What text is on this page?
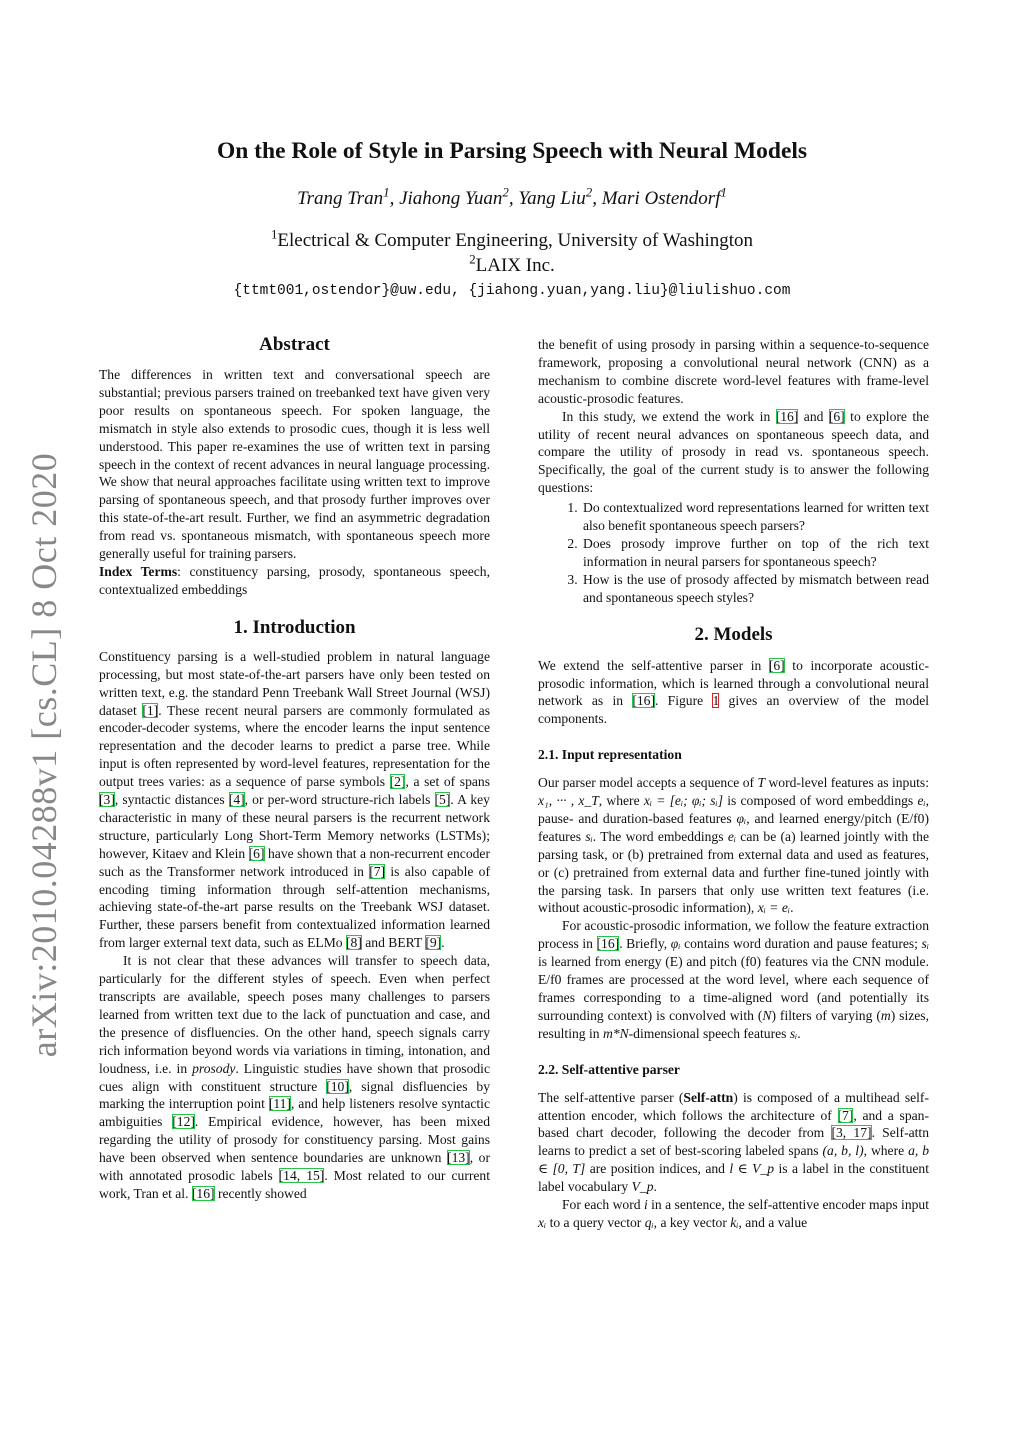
arXiv:2010.04288v1 [cs.CL] 8 Oct 2020
On the Role of Style in Parsing Speech with Neural Models
Trang Tran$^1$, Jiahong Yuan$^2$, Yang Liu$^2$, Mari Ostendorf$^1$
$^1$Electrical & Computer Engineering, University of Washington
$^2$LAIX Inc.
{ttmt001,ostendor}@uw.edu, {jiahong.yuan,yang.liu}@liulishuo.com

Abstract

The differences in written text and conversational speech are substantial; previous parsers trained on treebanked text have given very poor results on spontaneous speech. For spoken language, the mismatch in style also extends to prosodic cues, though it is less well understood. This paper re-examines the use of written text in parsing speech in the context of recent advances in neural language processing. We show that neural approaches facilitate using written text to improve parsing of spontaneous speech, and that prosody further improves over this state-of-the-art result. Further, we find an asymmetric degradation from read vs. spontaneous mismatch, with spontaneous speech more generally useful for training parsers.

Index Terms: constituency parsing, prosody, spontaneous speech, contextualized embeddings

1. Introduction

Constituency parsing is a well-studied problem in natural language processing, but most state-of-the-art parsers have only been tested on written text, e.g. the standard Penn Treebank Wall Street Journal (WSJ) dataset [1]. These recent neural parsers are commonly formulated as encoder-decoder systems, where the encoder learns the input sentence representation and the decoder learns to predict a parse tree. While input is often represented by word-level features, representation for the output trees varies: as a sequence of parse symbols [2], a set of spans [3], syntactic distances [4], or per-word structure-rich labels [5]. A key characteristic in many of these neural parsers is the recurrent network structure, particularly Long Short-Term Memory networks (LSTMs); however, Kitaev and Klein [6] have shown that a non-recurrent encoder such as the Transformer network introduced in [7] is also capable of encoding timing information through self-attention mechanisms, achieving state-of-the-art parse results on the Treebank WSJ dataset. Further, these parsers benefit from contextualized information learned from larger external text data, such as ELMo [8] and BERT [9].

It is not clear that these advances will transfer to speech data, particularly for the different styles of speech. Even when perfect transcripts are available, speech poses many challenges to parsers learned from written text due to the lack of punctuation and case, and the presence of disfluencies. On the other hand, speech signals carry rich information beyond words via variations in timing, intonation, and loudness, i.e. in prosody. Linguistic studies have shown that prosodic cues align with constituent structure [10], signal disfluencies by marking the interruption point [11], and help listeners resolve syntactic ambiguities [12]. Empirical evidence, however, has been mixed regarding the utility of prosody for constituency parsing. Most gains have been observed when sentence boundaries are unknown [13], or with annotated prosodic labels [14, 15]. Most related to our current work, Tran et al. [16] recently showed

the benefit of using prosody in parsing within a sequence-to-sequence framework, proposing a convolutional neural network (CNN) as a mechanism to combine discrete word-level features with frame-level acoustic-prosodic features.

In this study, we extend the work in [16] and [6] to explore the utility of recent neural advances on spontaneous speech data, and compare the utility of prosody in read vs. spontaneous speech. Specifically, the goal of the current study is to answer the following questions:

1. Do contextualized word representations learned for written text also benefit spontaneous speech parsers?
2. Does prosody improve further on top of the rich text information in neural parsers for spontaneous speech?
3. How is the use of prosody affected by mismatch between read and spontaneous speech styles?

2. Models

We extend the self-attentive parser in [6] to incorporate acoustic-prosodic information, which is learned through a convolutional neural network as in [16]. Figure 1 gives an overview of the model components.

2.1. Input representation

Our parser model accepts a sequence of T word-level features as inputs: x₁, ··· , x_T, where xᵢ = [eᵢ; φᵢ; sᵢ] is composed of word embeddings eᵢ, pause- and duration-based features φᵢ, and learned energy/pitch (E/f0) features sᵢ. The word embeddings eᵢ can be (a) learned jointly with the parsing task, or (b) pretrained from external data and used as features, or (c) pretrained from external data and further fine-tuned jointly with the parsing task. In parsers that only use written text features (i.e. without acoustic-prosodic information), xᵢ = eᵢ.

For acoustic-prosodic information, we follow the feature extraction process in [16]. Briefly, φᵢ contains word duration and pause features; sᵢ is learned from energy (E) and pitch (f0) features via the CNN module. E/f0 frames are processed at the word level, where each sequence of frames corresponding to a time-aligned word (and potentially its surrounding context) is convolved with (N) filters of varying (m) sizes, resulting in m*N-dimensional speech features sᵢ.

2.2. Self-attentive parser

The self-attentive parser (Self-attn) is composed of a multihead self-attention encoder, which follows the architecture of [7], and a span-based chart decoder, following the decoder from [3, 17]. Self-attn learns to predict a set of best-scoring labeled spans (a, b, l), where a, b ∈ [0, T] are position indices, and l ∈ V_p is a label in the constituent label vocabulary V_p.

For each word i in a sentence, the self-attentive encoder maps input xᵢ to a query vector qᵢ, a key vector kᵢ, and a value
